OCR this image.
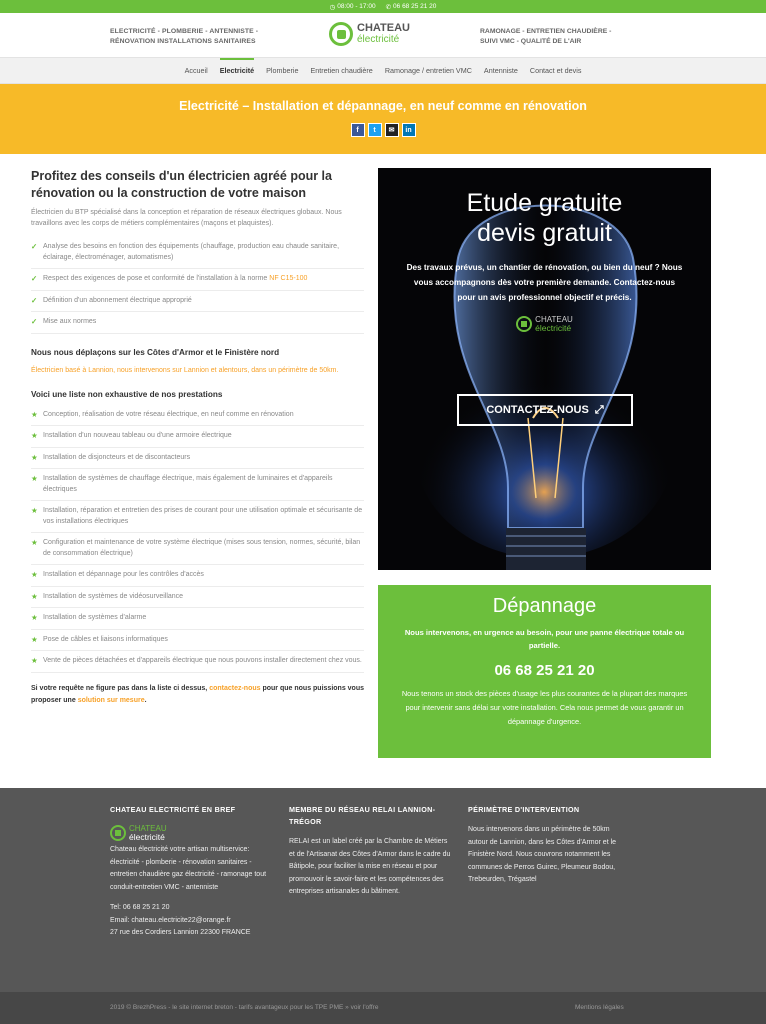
◷ 08:00 - 17:00 ✆ 06 68 25 21 20
ELECTRICITÉ - PLOMBERIE - ANTENNISTE -
RÉNOVATION INSTALLATIONS SANITAIRES
CHATEAU
électricité
RAMONAGE - ENTRETIEN CHAUDIÈRE -
SUIVI VMC - QUALITÉ DE L'AIR
Accueil	Electricité	Plomberie	Entretien chaudière	Ramonage / entretien VMC	Antenniste	Contact et devis
Electricité – Installation et dépannage, en neuf comme en rénovation
f	t	✉	in
Profitez des conseils d'un électricien agréé pour la rénovation ou la construction de votre maison

Électricien du BTP spécialisé dans la conception et réparation de réseaux électriques globaux. Nous travaillons avec les corps de métiers complémentaires (maçons et plaquistes).

✓ Analyse des besoins en fonction des équipements (chauffage, production eau chaude sanitaire, éclairage, électroménager, automatismes)
✓ Respect des exigences de pose et conformité de l'installation à la norme NF C15-100
✓ Définition d'un abonnement électrique approprié
✓ Mise aux normes
Nous nous déplaçons sur les Côtes d'Armor et le Finistère nord

Électricien basé à Lannion, nous intervenons sur Lannion et alentours, dans un périmètre de 50km.

Voici une liste non exhaustive de nos prestations
★ Conception, réalisation de votre réseau électrique, en neuf comme en rénovation
★ Installation d'un nouveau tableau ou d'une armoire électrique
★ Installation de disjoncteurs et de discontacteurs
★ Installation de systèmes de chauffage électrique, mais également de luminaires et d'appareils électriques
★ Installation, réparation et entretien des prises de courant pour une utilisation optimale et sécurisante de vos installations électriques
★ Configuration et maintenance de votre système électrique (mises sous tension, normes, sécurité, bilan de consommation électrique)
★ Installation et dépannage pour les contrôles d'accès
★ Installation de systèmes de vidéosurveillance
★ Installation de systèmes d'alarme
★ Pose de câbles et liaisons informatiques
★ Vente de pièces détachées et d'appareils électrique que nous pouvons installer directement chez vous.

Si votre requête ne figure pas dans la liste ci dessus, contactez-nous pour que nous puissions vous proposer une solution sur mesure.

Etude gratuite
devis gratuit

Des travaux prévus, un chantier de rénovation, ou bien du neuf ? Nous vous accompagnons dès votre première demande. Contactez-nous pour un avis professionnel objectif et précis.

CHATEAU
électricité
CONTACTEZ-NOUS ⤢
Dépannage

Nous intervenons, en urgence au besoin, pour une panne électrique totale ou partielle.

06 68 25 21 20

Nous tenons un stock des pièces d'usage les plus courantes de la plupart des marques pour intervenir sans délai sur votre installation. Cela nous permet de vous garantir un dépannage d'urgence.

CHATEAU ELECTRICITÉ EN BREF
CHATEAU
électricité

Chateau électricité votre artisan multiservice: électricité - plomberie - rénovation sanitaires - entretien chaudière gaz électricité - ramonage tout conduit-entretien VMC - antenniste

Tel: 06 68 25 21 20

Email: chateau.electricite22@orange.fr

27 rue des Cordiers Lannion 22300 FRANCE

MEMBRE DU RÉSEAU RELAI LANNION-TRÉGOR

RELAI est un label créé par la Chambre de Métiers et de l'Artisanat des Côtes d'Armor dans le cadre du Bâtipole, pour faciliter la mise en réseau et pour promouvoir le savoir-faire et les compétences des entreprises artisanales du bâtiment.

PÉRIMÈTRE D'INTERVENTION

Nous intervenons dans un périmètre de 50km autour de Lannion, dans les Côtes d'Armor et le Finistère Nord. Nous couvrons notamment les communes de Perros Guirec, Pleumeur Bodou, Trebeurden, Trégastel

2019 © BrezhPress - le site internet breton - tarifs avantageux pour les TPE PME » voir l'offre	Mentions légales
